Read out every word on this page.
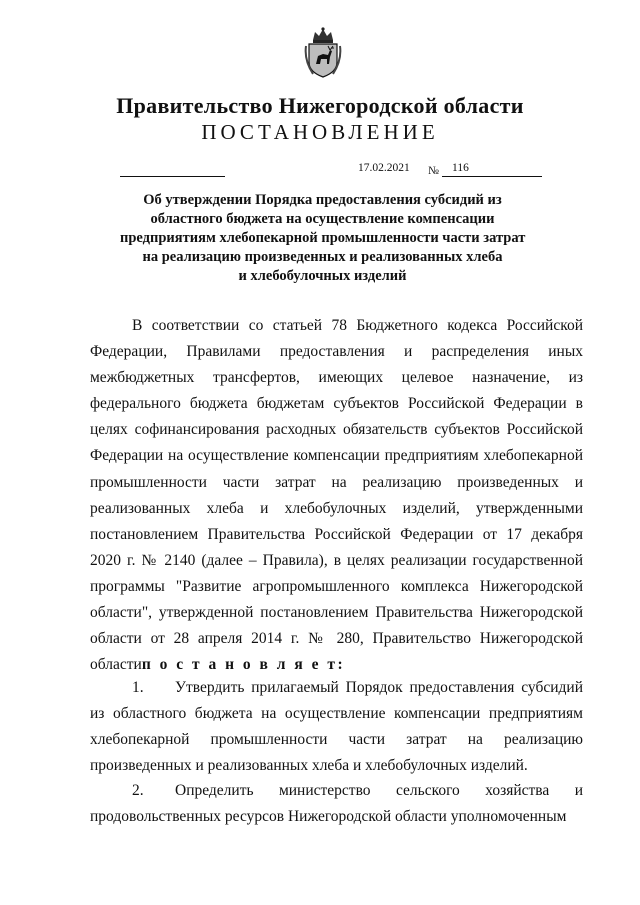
Правительство Нижегородской области
ПОСТАНОВЛЕНИЕ
17.02.2021 № 116
Об утверждении Порядка предоставления субсидий из
областного бюджета на осуществление компенсации
предприятиям хлебопекарной промышленности части затрат
на реализацию произведенных и реализованных хлеба
и хлебобулочных изделий
В соответствии со статьей 78 Бюджетного кодекса Российской Федерации, Правилами предоставления и распределения иных межбюджетных трансфертов, имеющих целевое назначение, из федерального бюджета бюджетам субъектов Российской Федерации в целях софинансирования расходных обязательств субъектов Российской Федерации на осуществление компенсации предприятиям хлебопекарной промышленности части затрат на реализацию произведенных и реализованных хлеба и хлебобулочных изделий, утвержденными постановлением Правительства Российской Федерации от 17 декабря 2020 г. № 2140 (далее – Правила), в целях реализации государственной программы "Развитие агропромышленного комплекса Нижегородской области", утвержденной постановлением Правительства Нижегородской области от 28 апреля 2014 г. № 280, Правительство Нижегородской областип о с т а н о в л я е т:
1. Утвердить прилагаемый Порядок предоставления субсидий из областного бюджета на осуществление компенсации предприятиям хлебопекарной промышленности части затрат на реализацию произведенных и реализованных хлеба и хлебобулочных изделий.
2. Определить министерство сельского хозяйства и продовольственных ресурсов Нижегородской области уполномоченным
